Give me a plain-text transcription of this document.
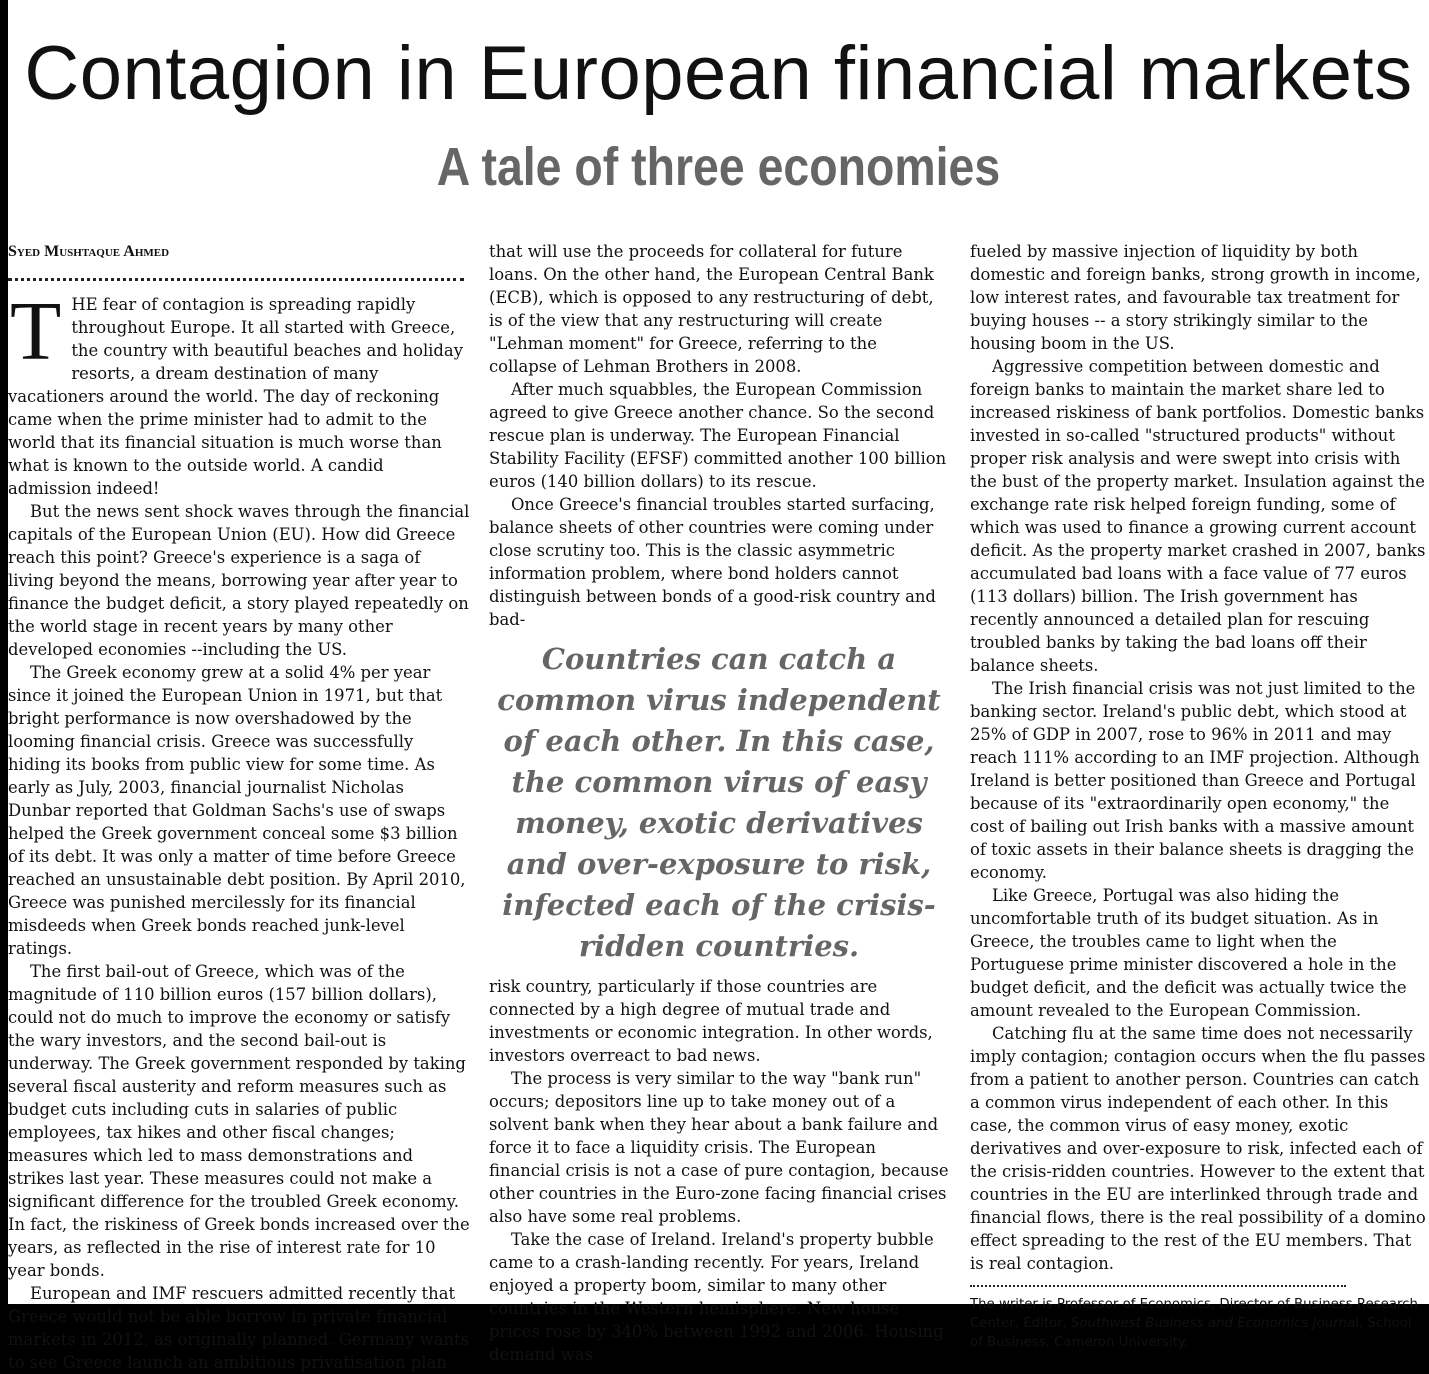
Contagion in European financial markets
A tale of three economies
Syed Mushtaque Ahmed

THE fear of contagion is spreading rapidly throughout Europe. It all started with Greece, the country with beautiful beaches and holiday resorts, a dream destination of many vacationers around the world. The day of reckoning came when the prime minister had to admit to the world that its financial situation is much worse than what is known to the outside world. A candid admission indeed!

But the news sent shock waves through the financial capitals of the European Union (EU). How did Greece reach this point? Greece's experience is a saga of living beyond the means, borrowing year after year to finance the budget deficit, a story played repeatedly on the world stage in recent years by many other developed economies --including the US.

The Greek economy grew at a solid 4% per year since it joined the European Union in 1971, but that bright performance is now overshadowed by the looming financial crisis. Greece was successfully hiding its books from public view for some time. As early as July, 2003, financial journalist Nicholas Dunbar reported that Goldman Sachs's use of swaps helped the Greek government conceal some $3 billion of its debt. It was only a matter of time before Greece reached an unsustainable debt position. By April 2010, Greece was punished mercilessly for its financial misdeeds when Greek bonds reached junk-level ratings.

The first bail-out of Greece, which was of the magnitude of 110 billion euros (157 billion dollars), could not do much to improve the economy or satisfy the wary investors, and the second bail-out is underway. The Greek government responded by taking several fiscal austerity and reform measures such as budget cuts including cuts in salaries of public employees, tax hikes and other fiscal changes; measures which led to mass demonstrations and strikes last year. These measures could not make a significant difference for the troubled Greek economy. In fact, the riskiness of Greek bonds increased over the years, as reflected in the rise of interest rate for 10 year bonds.

European and IMF rescuers admitted recently that Greece would not be able borrow in private financial markets in 2012, as originally planned. Germany wants to see Greece launch an ambitious privatisation plan

that will use the proceeds for collateral for future loans. On the other hand, the European Central Bank (ECB), which is opposed to any restructuring of debt, is of the view that any restructuring will create "Lehman moment" for Greece, referring to the collapse of Lehman Brothers in 2008.

After much squabbles, the European Commission agreed to give Greece another chance. So the second rescue plan is underway. The European Financial Stability Facility (EFSF) committed another 100 billion euros (140 billion dollars) to its rescue.

Once Greece's financial troubles started surfacing, balance sheets of other countries were coming under close scrutiny too. This is the classic asymmetric information problem, where bond holders cannot distinguish between bonds of a good-risk country and bad-

Countries can catch a common virus independent of each other. In this case, the common virus of easy money, exotic derivatives and over-exposure to risk, infected each of the crisis-ridden countries.

risk country, particularly if those countries are connected by a high degree of mutual trade and investments or economic integration. In other words, investors overreact to bad news.

The process is very similar to the way "bank run" occurs; depositors line up to take money out of a solvent bank when they hear about a bank failure and force it to face a liquidity crisis. The European financial crisis is not a case of pure contagion, because other countries in the Euro-zone facing financial crises also have some real problems.

Take the case of Ireland. Ireland's property bubble came to a crash-landing recently. For years, Ireland enjoyed a property boom, similar to many other countries in the Western hemisphere. New house prices rose by 340% between 1992 and 2006. Housing demand was

fueled by massive injection of liquidity by both domestic and foreign banks, strong growth in income, low interest rates, and favourable tax treatment for buying houses -- a story strikingly similar to the housing boom in the US.

Aggressive competition between domestic and foreign banks to maintain the market share led to increased riskiness of bank portfolios. Domestic banks invested in so-called "structured products" without proper risk analysis and were swept into crisis with the bust of the property market. Insulation against the exchange rate risk helped foreign funding, some of which was used to finance a growing current account deficit. As the property market crashed in 2007, banks accumulated bad loans with a face value of 77 euros (113 dollars) billion. The Irish government has recently announced a detailed plan for rescuing troubled banks by taking the bad loans off their balance sheets.

The Irish financial crisis was not just limited to the banking sector. Ireland's public debt, which stood at 25% of GDP in 2007, rose to 96% in 2011 and may reach 111% according to an IMF projection. Although Ireland is better positioned than Greece and Portugal because of its "extraordinarily open economy," the cost of bailing out Irish banks with a massive amount of toxic assets in their balance sheets is dragging the economy.

Like Greece, Portugal was also hiding the uncomfortable truth of its budget situation. As in Greece, the troubles came to light when the Portuguese prime minister discovered a hole in the budget deficit, and the deficit was actually twice the amount revealed to the European Commission.

Catching flu at the same time does not necessarily imply contagion; contagion occurs when the flu passes from a patient to another person. Countries can catch a common virus independent of each other. In this case, the common virus of easy money, exotic derivatives and over-exposure to risk, infected each of the crisis-ridden countries. However to the extent that countries in the EU are interlinked through trade and financial flows, there is the real possibility of a domino effect spreading to the rest of the EU members. That is real contagion.

The writer is Professor of Economics, Director of Business Research Center, Editor, Southwest Business and Economics Journal, School of Business, Cameron University.
